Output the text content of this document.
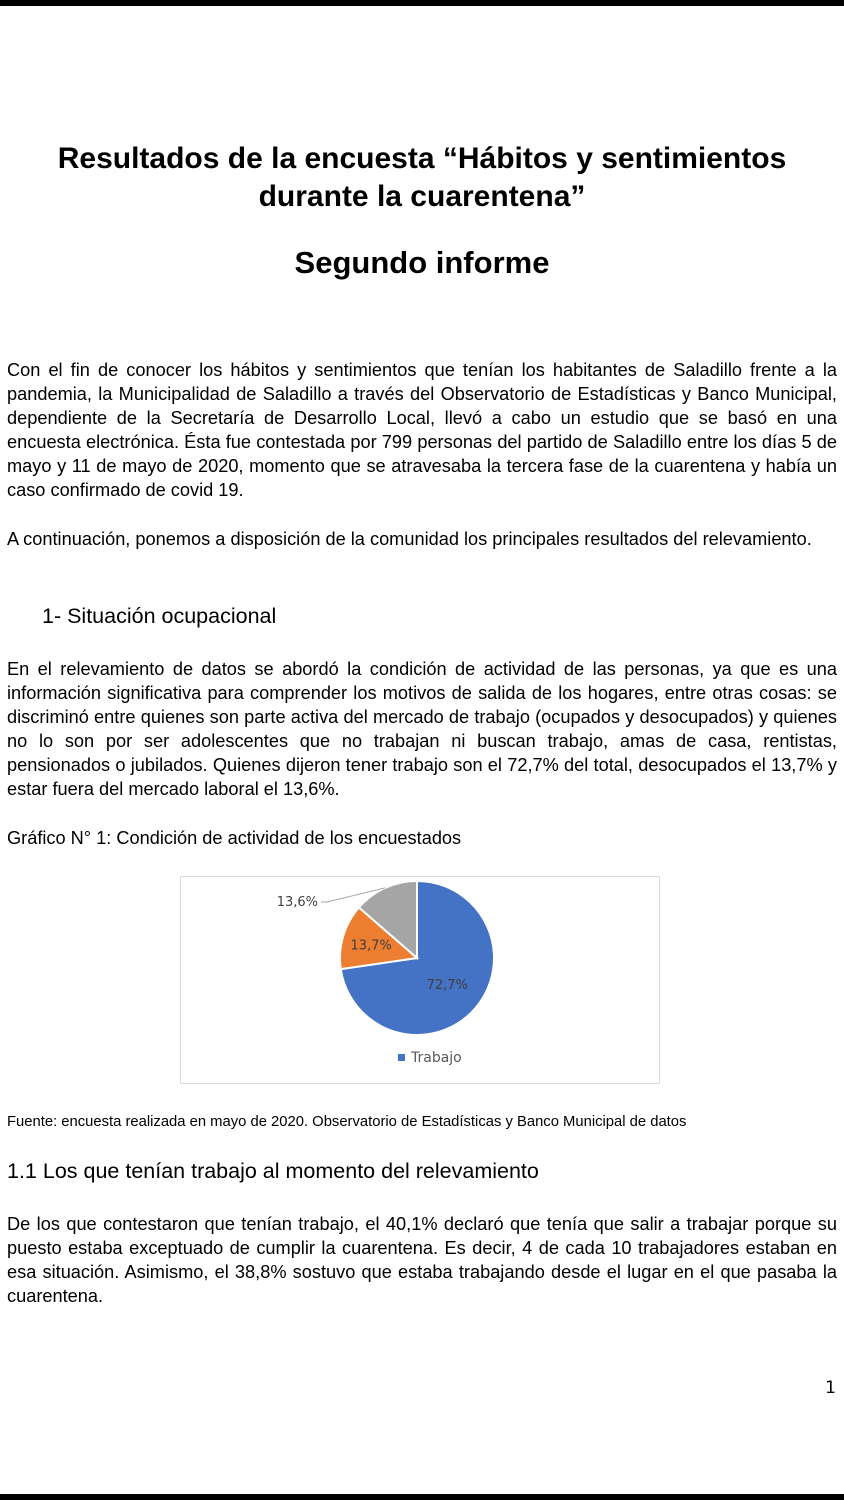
Resultados de la encuesta “Hábitos y sentimientos
durante la cuarentena”
Segundo informe

Con el fin de conocer los hábitos y sentimientos que tenían los habitantes de Saladillo frente a la pandemia, la Municipalidad de Saladillo a través del Observatorio de Estadísticas y Banco Municipal, dependiente de la Secretaría de Desarrollo Local, llevó a cabo un estudio que se basó en una encuesta electrónica. Ésta fue contestada por 799 personas del partido de Saladillo entre los días 5 de mayo y 11 de mayo de 2020, momento que se atravesaba la tercera fase de la cuarentena y había un caso confirmado de covid 19.

A continuación, ponemos a disposición de la comunidad los principales resultados del relevamiento.

1- Situación ocupacional

En el relevamiento de datos se abordó la condición de actividad de las personas, ya que es una información significativa para comprender los motivos de salida de los hogares, entre otras cosas: se discriminó entre quienes son parte activa del mercado de trabajo (ocupados y desocupados) y quienes no lo son por ser adolescentes que no trabajan ni buscan trabajo, amas de casa, rentistas, pensionados o jubilados. Quienes dijeron tener trabajo son el 72,7% del total, desocupados el 13,7% y estar fuera del mercado laboral el 13,6%.

Gráfico N° 1: Condición de actividad de los encuestados

72,7%
13,7%
13,6%
Trabajo

Fuente: encuesta realizada en mayo de 2020. Observatorio de Estadísticas y Banco Municipal de datos

1.1 Los que tenían trabajo al momento del relevamiento

De los que contestaron que tenían trabajo, el 40,1% declaró que tenía que salir a trabajar porque su puesto estaba exceptuado de cumplir la cuarentena. Es decir, 4 de cada 10 trabajadores estaban en esa situación. Asimismo, el 38,8% sostuvo que estaba trabajando desde el lugar en el que pasaba la cuarentena.

1
